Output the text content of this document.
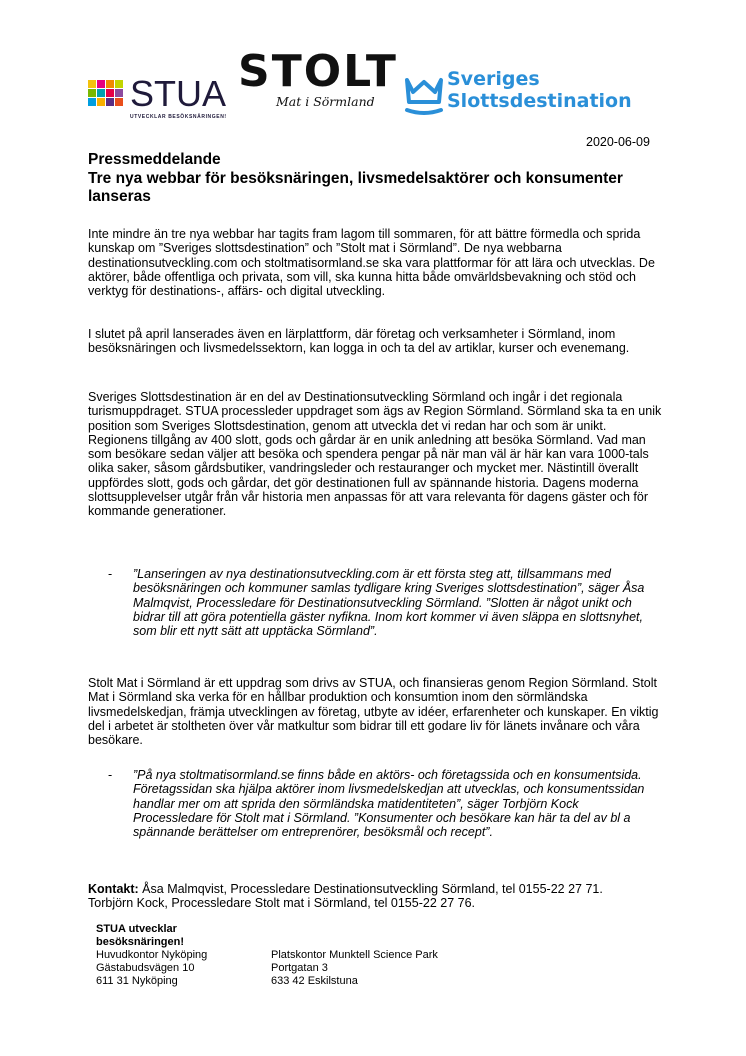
STUA
UTVECKLAR BESÖKSNÄRINGEN!
STOLT
Mat i Sörmland
Sveriges
Slottsdestination
2020-06-09
Pressmeddelande
Tre nya webbar för besöksnäringen, livsmedelsaktörer och konsumenter lanseras
Inte mindre än tre nya webbar har tagits fram lagom till sommaren, för att bättre förmedla och sprida kunskap om ”Sveriges slottsdestination” och ”Stolt mat i Sörmland”. De nya webbarna destinationsutveckling.com och stoltmatisormland.se ska vara plattformar för att lära och utvecklas. De aktörer, både offentliga och privata, som vill, ska kunna hitta både omvärldsbevakning och stöd och verktyg för destinations-, affärs- och digital utveckling.
I slutet på april lanserades även en lärplattform, där företag och verksamheter i Sörmland, inom besöksnäringen och livsmedelssektorn, kan logga in och ta del av artiklar, kurser och evenemang.
Sveriges Slottsdestination är en del av Destinationsutveckling Sörmland och ingår i det regionala turismuppdraget. STUA processleder uppdraget som ägs av Region Sörmland. Sörmland ska ta en unik position som Sveriges Slottsdestination, genom att utveckla det vi redan har och som är unikt. Regionens tillgång av 400 slott, gods och gårdar är en unik anledning att besöka Sörmland. Vad man som besökare sedan väljer att besöka och spendera pengar på när man väl är här kan vara 1000-tals olika saker, såsom gårdsbutiker, vandringsleder och restauranger och mycket mer. Nästintill överallt uppfördes slott, gods och gårdar, det gör destinationen full av spännande historia. Dagens moderna slottsupplevelser utgår från vår historia men anpassas för att vara relevanta för dagens gäster och för kommande generationer.
- ”Lanseringen av nya destinationsutveckling.com är ett första steg att, tillsammans med besöksnäringen och kommuner samlas tydligare kring Sveriges slottsdestination”, säger Åsa Malmqvist, Processledare för Destinationsutveckling Sörmland. ”Slotten är något unikt och bidrar till att göra potentiella gäster nyfikna. Inom kort kommer vi även släppa en slottsnyhet, som blir ett nytt sätt att upptäcka Sörmland”.
Stolt Mat i Sörmland är ett uppdrag som drivs av STUA, och finansieras genom Region Sörmland. Stolt Mat i Sörmland ska verka för en hållbar produktion och konsumtion inom den sörmländska livsmedelskedjan, främja utvecklingen av företag, utbyte av idéer, erfarenheter och kunskaper. En viktig del i arbetet är stoltheten över vår matkultur som bidrar till ett godare liv för länets invånare och våra besökare.
- ”På nya stoltmatisormland.se finns både en aktörs- och företagssida och en konsumentsida. Företagssidan ska hjälpa aktörer inom livsmedelskedjan att utvecklas, och konsumentssidan handlar mer om att sprida den sörmländska matidentiteten”, säger Torbjörn Kock Processledare för Stolt mat i Sörmland. ”Konsumenter och besökare kan här ta del av bl a spännande berättelser om entreprenörer, besöksmål och recept”.
Kontakt: Åsa Malmqvist, Processledare Destinationsutveckling Sörmland, tel 0155-22 27 71.
Torbjörn Kock, Processledare Stolt mat i Sörmland, tel 0155-22 27 76.
STUA utvecklar
besöksnäringen!
Huvudkontor Nyköping
Gästabudsvägen 10
611 31 Nyköping
Platskontor Munktell Science Park
Portgatan 3
633 42 Eskilstuna
